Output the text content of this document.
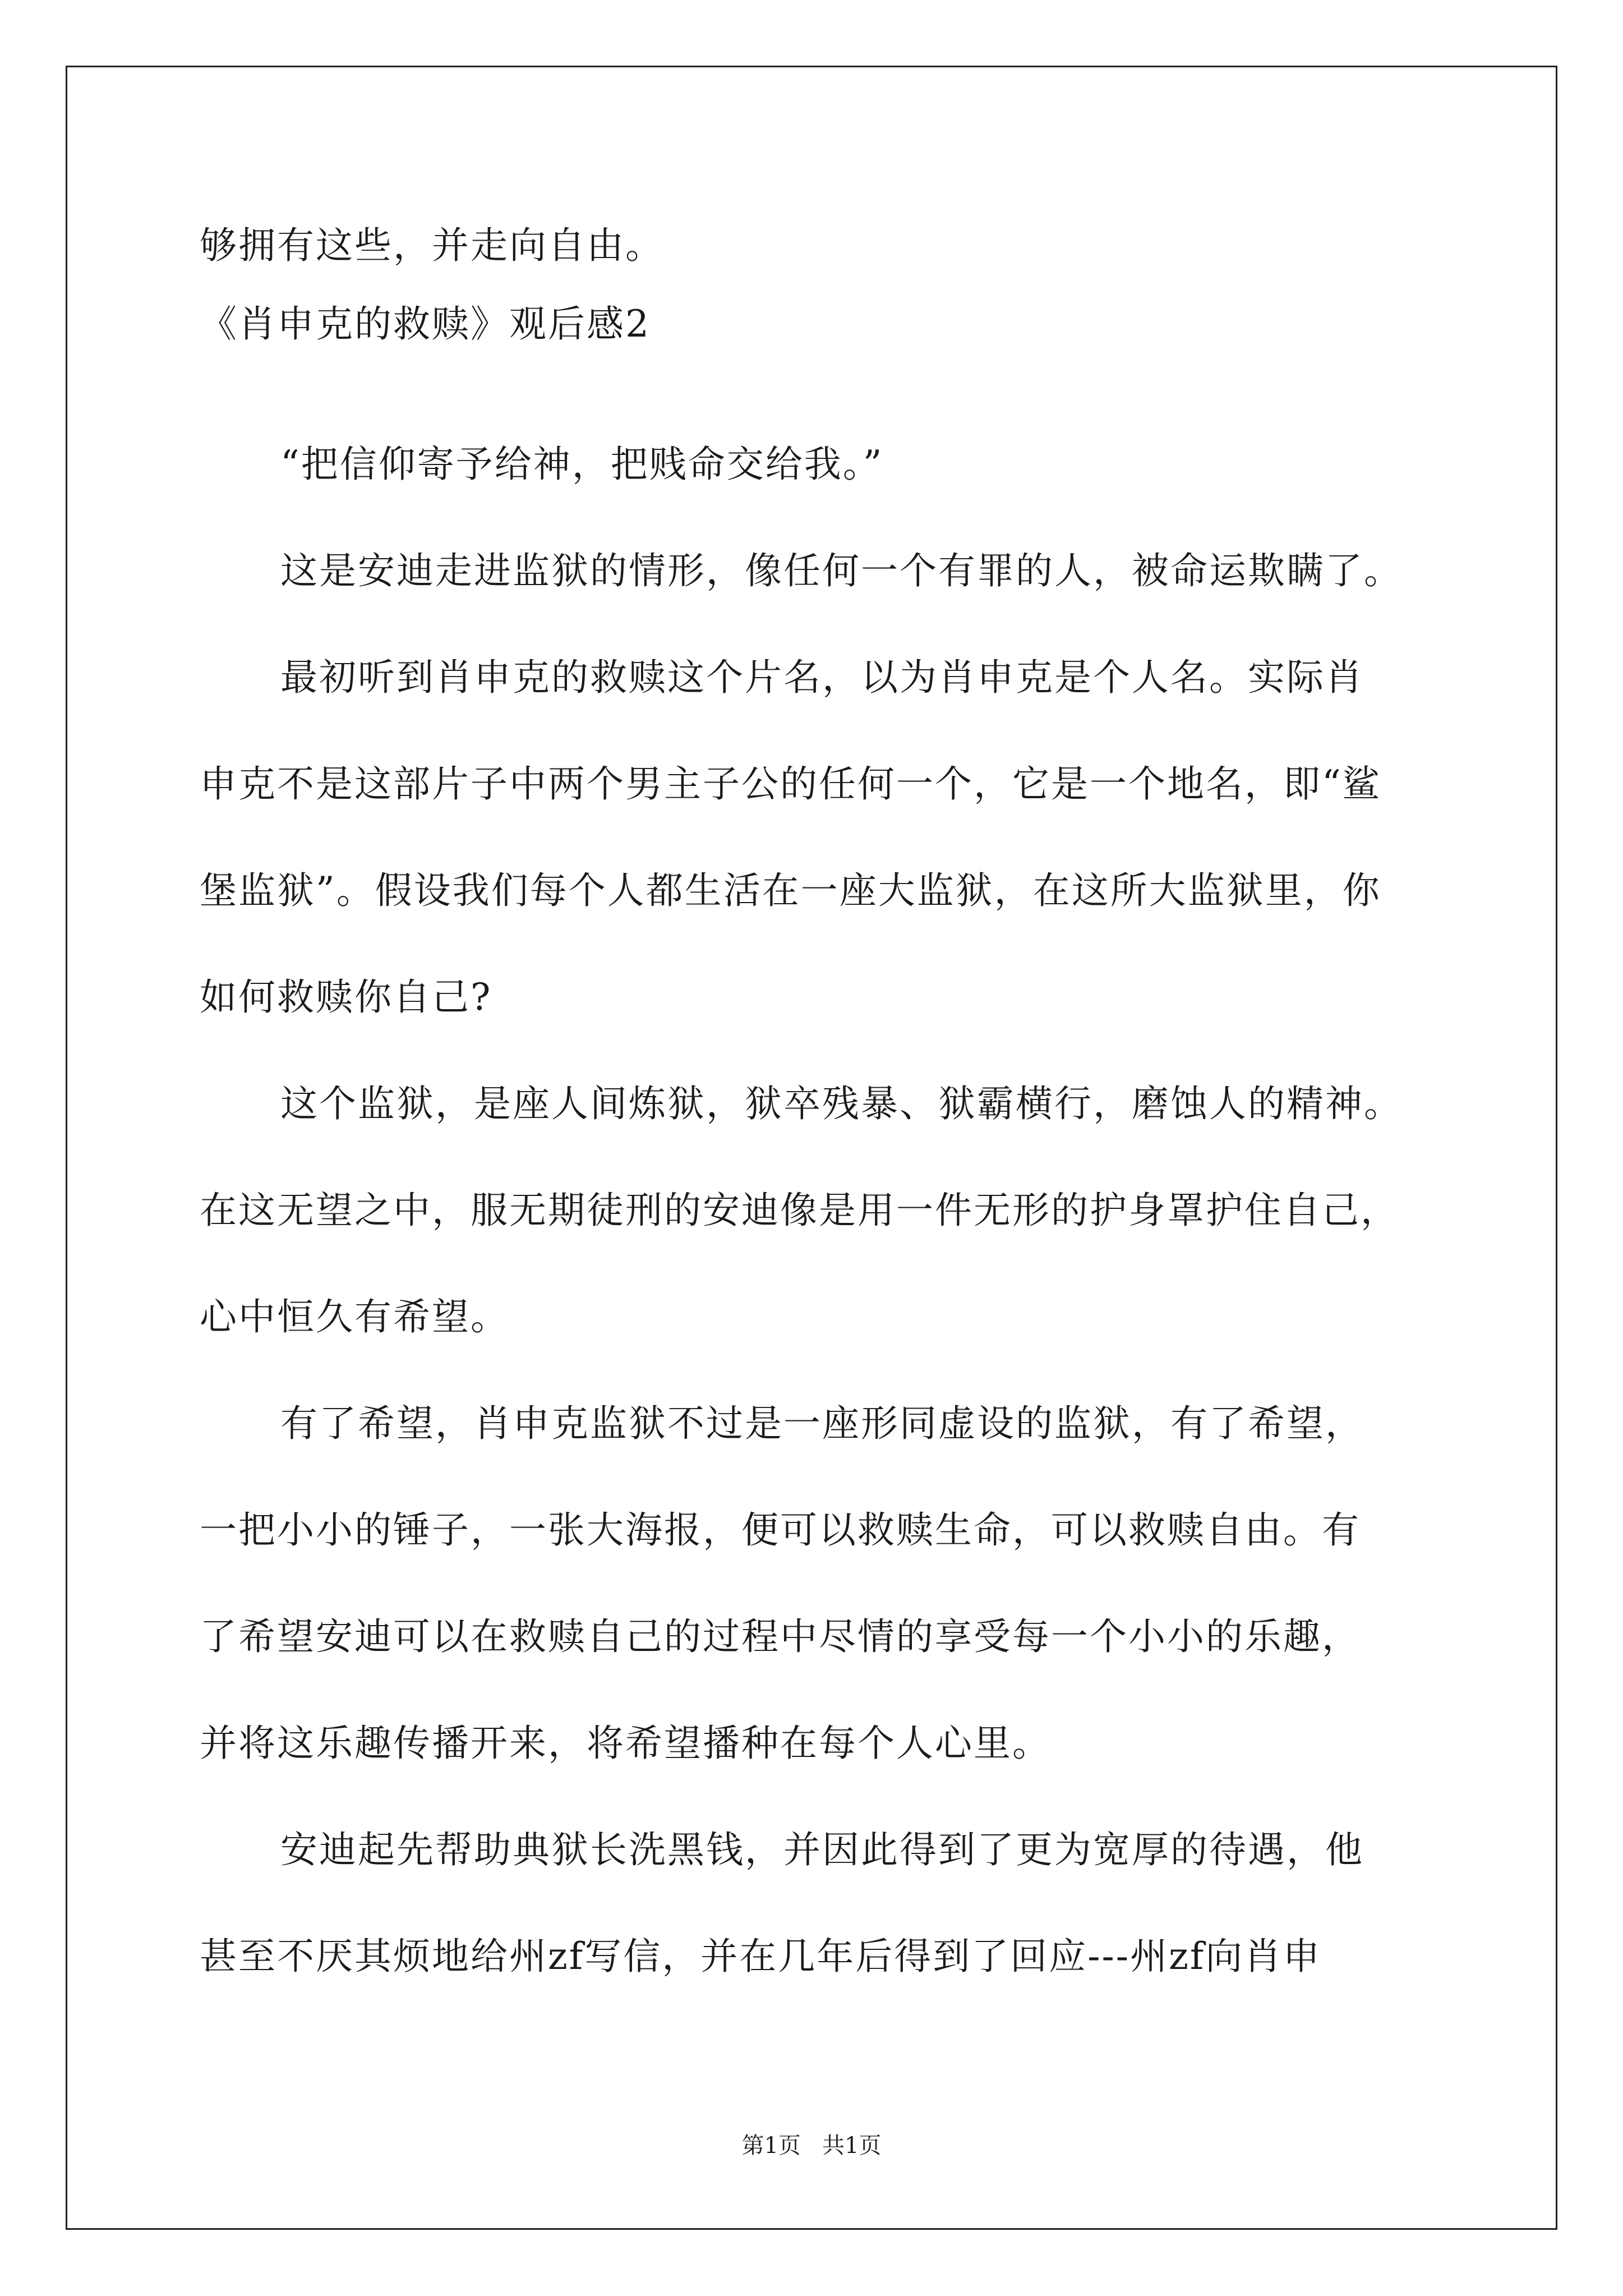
够拥有这些，并走向自由。
《肖申克的救赎》观后感2
“把信仰寄予给神，把贱命交给我。”
这是安迪走进监狱的情形，像任何一个有罪的人，被命运欺瞒了。
最初听到肖申克的救赎这个片名，以为肖申克是个人名。实际肖
申克不是这部片子中两个男主子公的任何一个，它是一个地名，即“鲨
堡监狱”。假设我们每个人都生活在一座大监狱，在这所大监狱里，你
如何救赎你自己?
这个监狱，是座人间炼狱，狱卒残暴、狱霸横行，磨蚀人的精神。
在这无望之中，服无期徒刑的安迪像是用一件无形的护身罩护住自己，
心中恒久有希望。
有了希望，肖申克监狱不过是一座形同虚设的监狱，有了希望，
一把小小的锤子，一张大海报，便可以救赎生命，可以救赎自由。有
了希望安迪可以在救赎自己的过程中尽情的享受每一个小小的乐趣，
并将这乐趣传播开来，将希望播种在每个人心里。
安迪起先帮助典狱长洗黑钱，并因此得到了更为宽厚的待遇，他
甚至不厌其烦地给州zf写信，并在几年后得到了回应---州zf向肖申
第1页   共1页
